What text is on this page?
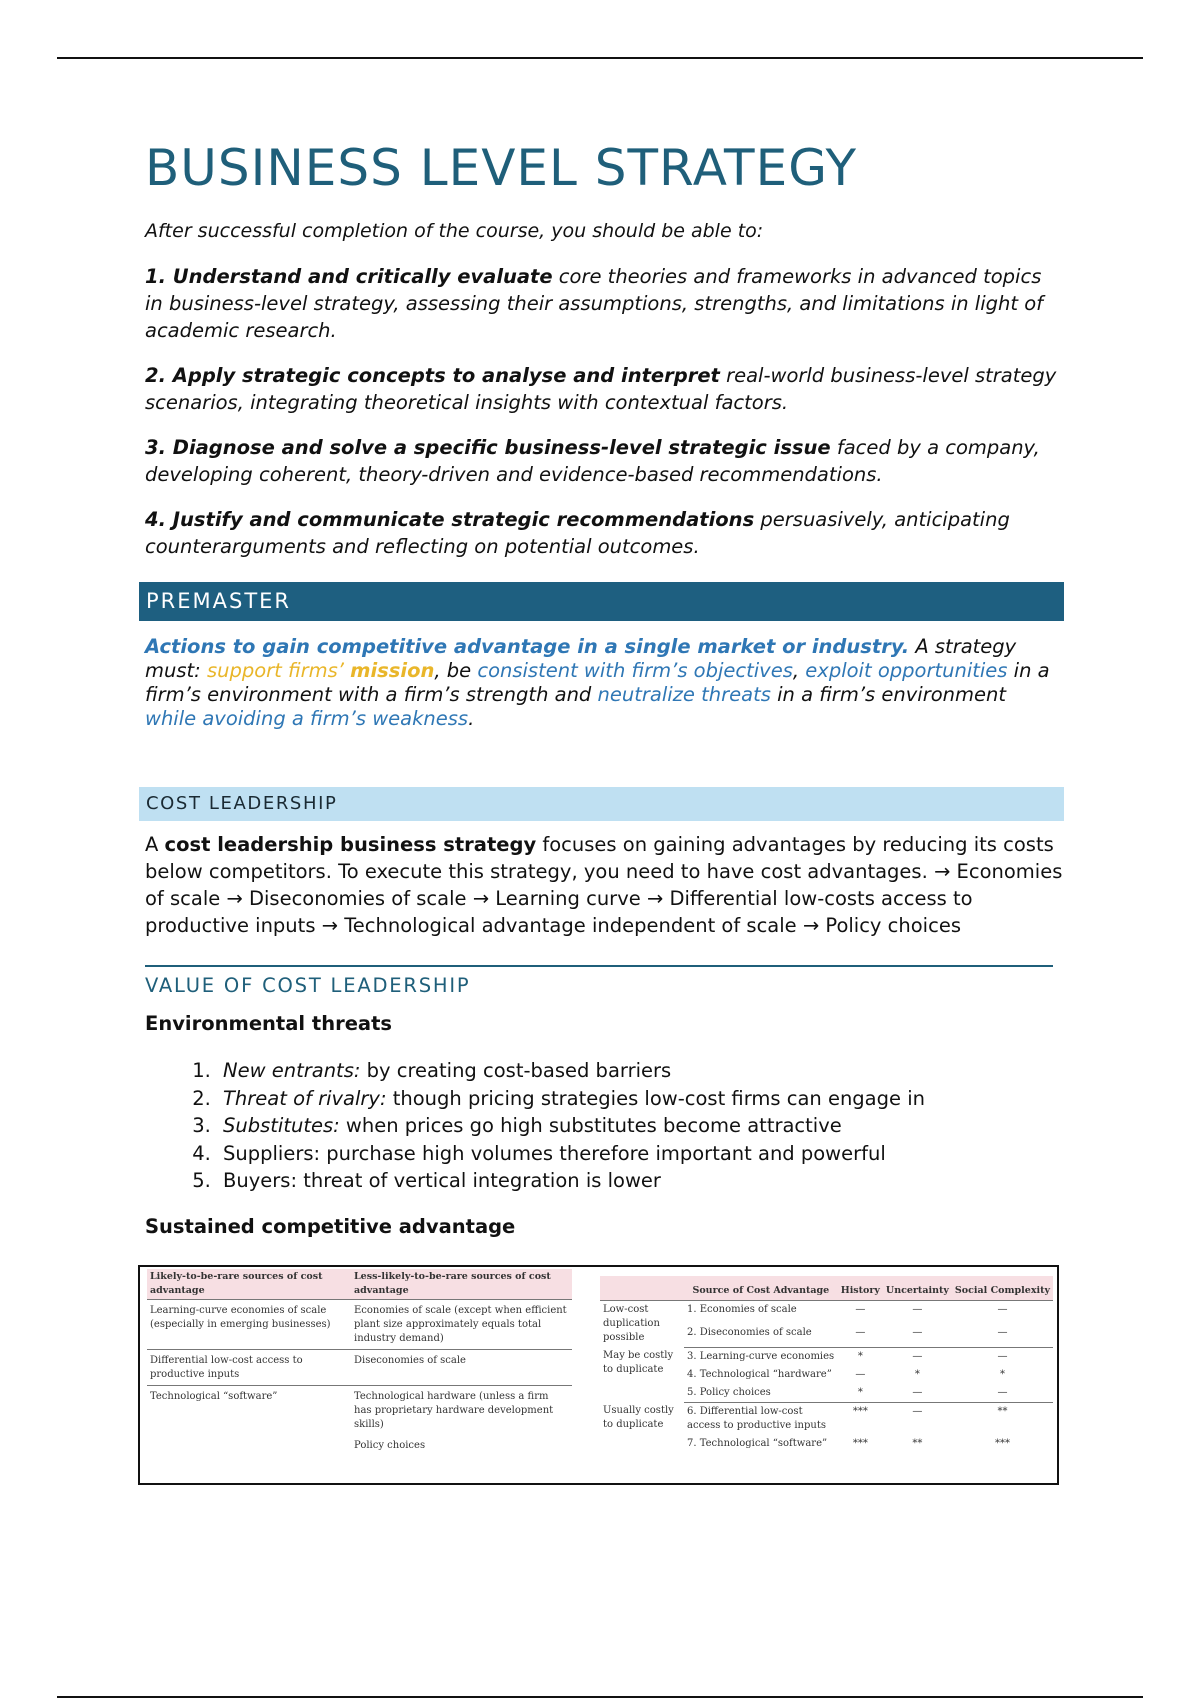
BUSINESS LEVEL STRATEGY

After successful completion of the course, you should be able to:

1. Understand and critically evaluate core theories and frameworks in advanced topics in business-level strategy, assessing their assumptions, strengths, and limitations in light of academic research.

2. Apply strategic concepts to analyse and interpret real-world business-level strategy scenarios, integrating theoretical insights with contextual factors.

3. Diagnose and solve a specific business-level strategic issue faced by a company, developing coherent, theory-driven and evidence-based recommendations.

4. Justify and communicate strategic recommendations persuasively, anticipating counterarguments and reflecting on potential outcomes.

PREMASTER

Actions to gain competitive advantage in a single market or industry. A strategy must: support firms’ mission, be consistent with firm’s objectives, exploit opportunities in a firm’s environment with a firm’s strength and neutralize threats in a firm’s environment while avoiding a firm’s weakness.

COST LEADERSHIP

A cost leadership business strategy focuses on gaining advantages by reducing its costs below competitors. To execute this strategy, you need to have cost advantages. → Economies of scale → Diseconomies of scale → Learning curve → Differential low-costs access to productive inputs → Technological advantage independent of scale → Policy choices

VALUE OF COST LEADERSHIP
Environmental threats
1. New entrants: by creating cost-based barriers
2. Threat of rivalry: though pricing strategies low-cost firms can engage in
3. Substitutes: when prices go high substitutes become attractive
4. Suppliers: purchase high volumes therefore important and powerful
5. Buyers: threat of vertical integration is lower
Sustained competitive advantage
Likely-to-be-rare sources of cost advantage	Less-likely-to-be-rare sources of cost advantage
Learning-curve economies of scale (especially in emerging businesses)	Economies of scale (except when efficient plant size approximately equals total industry demand)
Differential low-cost access to productive inputs	Diseconomies of scale
Technological “software”	Technological hardware (unless a firm has proprietary hardware development skills)
	Policy choices
	Source of Cost Advantage	History	Uncertainty	Social Complexity
Low-cost duplication possible	1. Economies of scale	—	—	—
	2. Diseconomies of scale	—	—	—
May be costly to duplicate	3. Learning-curve economies	*	—	—
	4. Technological “hardware”	—	*	*
	5. Policy choices	*	—	—
Usually costly to duplicate	6. Differential low-cost access to productive inputs	***	—	**
	7. Technological “software”	***	**	***
